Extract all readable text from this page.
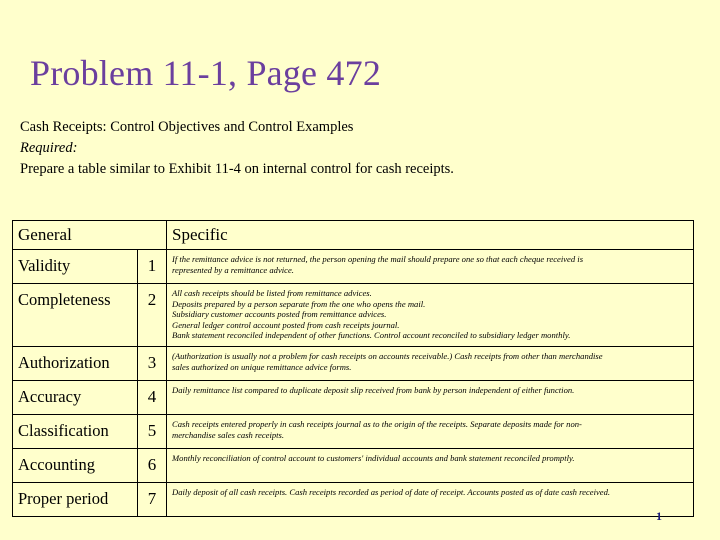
Problem 11-1, Page 472
Cash Receipts: Control Objectives and Control Examples
Required:
Prepare a table similar to Exhibit 11-4 on internal control for cash receipts.
General		Specific
Validity	1	If the remittance advice is not returned, the person opening the mail should prepare one so that each cheque received is
represented by a remittance advice.
Completeness	2	All cash receipts should be listed from remittance advices.
Deposits prepared by a person separate from the one who opens the mail.
Subsidiary customer accounts posted from remittance advices.
General ledger control account posted from cash receipts journal.
Bank statement reconciled independent of other functions. Control account reconciled to subsidiary ledger monthly.
Authorization	3	(Authorization is usually not a problem for cash receipts on accounts receivable.) Cash receipts from other than merchandise
sales authorized on unique remittance advice forms.
Accuracy	4	Daily remittance list compared to duplicate deposit slip received from bank by person independent of either function.
Classification	5	Cash receipts entered properly in cash receipts journal as to the origin of the receipts. Separate deposits made for non-
merchandise sales cash receipts.
Accounting	6	Monthly reconciliation of control account to customers' individual accounts and bank statement reconciled promptly.
Proper period	7	Daily deposit of all cash receipts. Cash receipts recorded as period of date of receipt. Accounts posted as of date cash received.
1
